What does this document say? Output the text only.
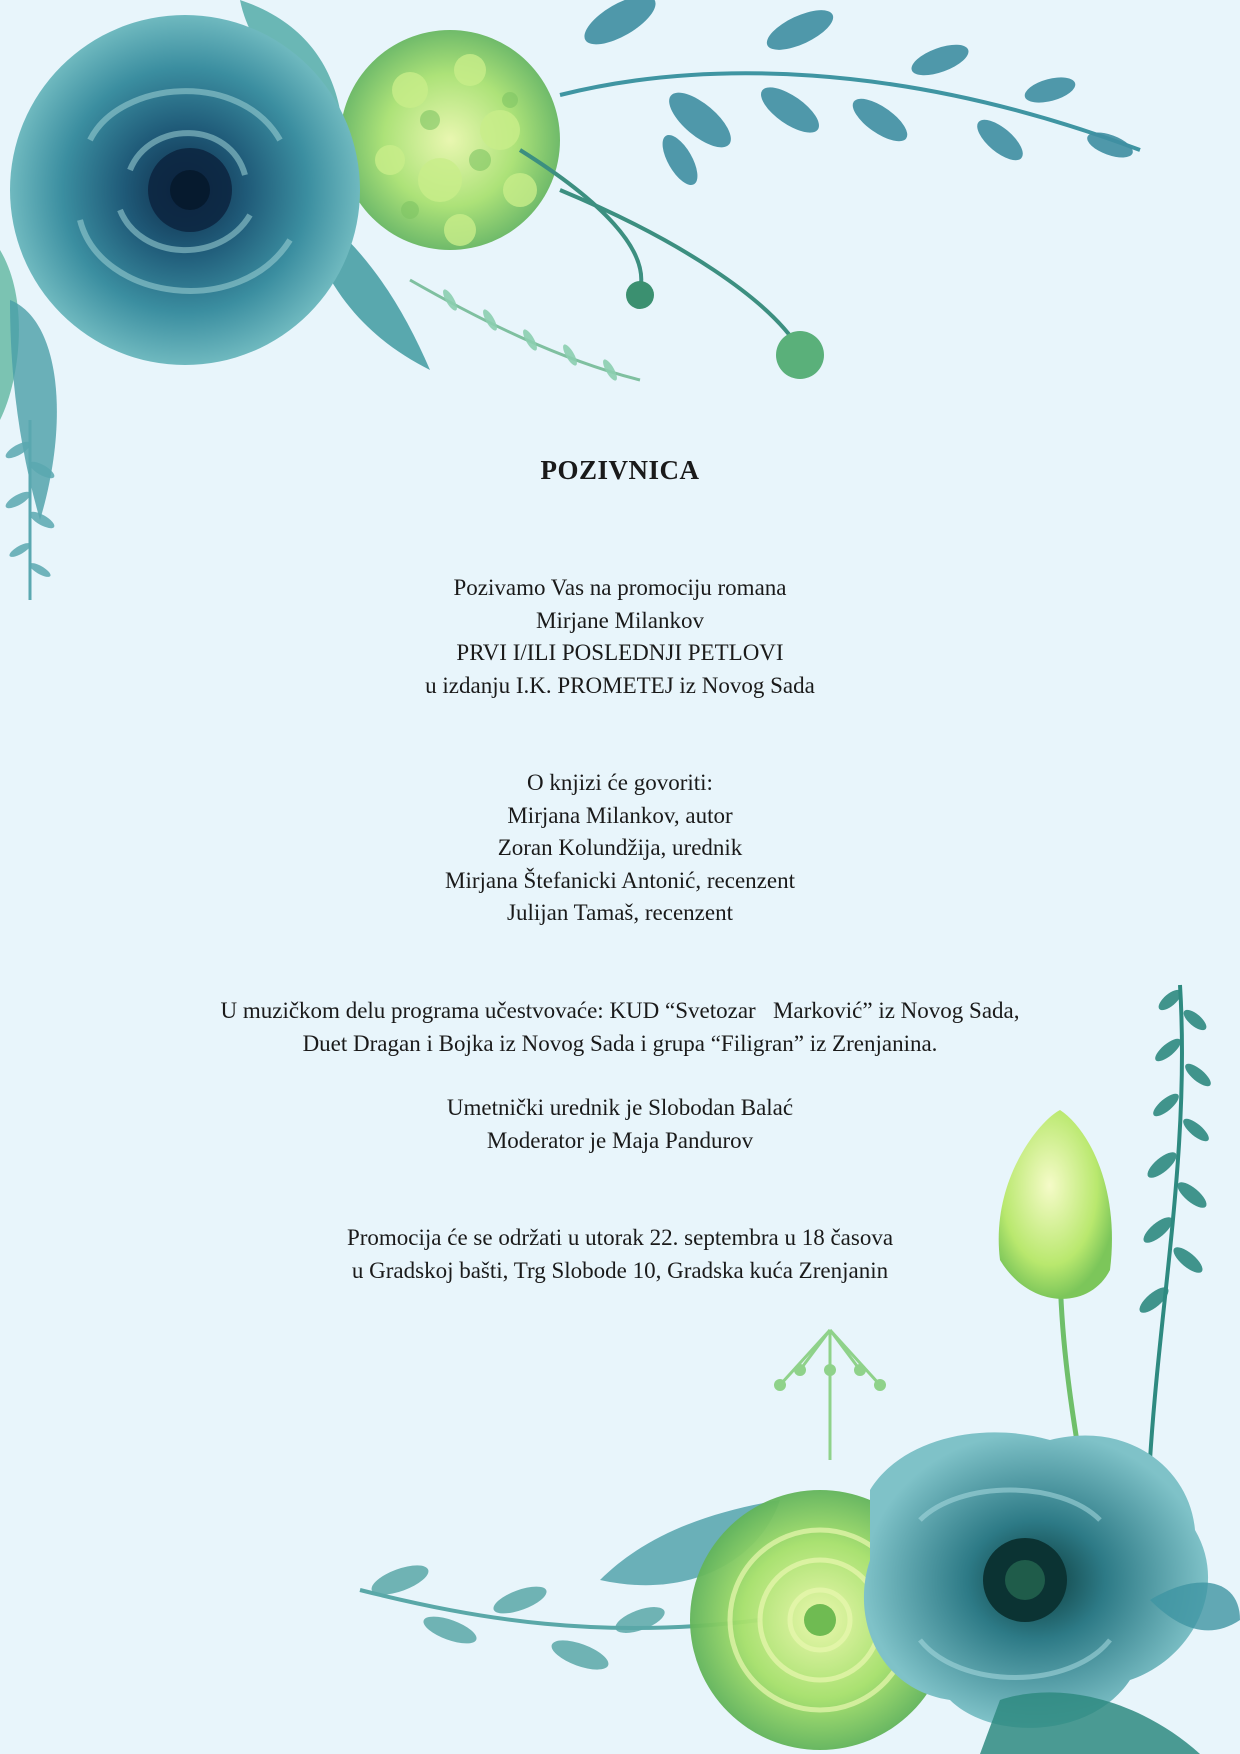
POZIVNICA
Pozivamo Vas na promociju romana
Mirjane Milankov
PRVI I/ILI POSLEDNJI PETLOVI
u izdanju I.K. PROMETEJ iz Novog Sada
O knjizi će govoriti:
Mirjana Milankov, autor
Zoran Kolundžija, urednik
Mirjana Štefanicki Antonić, recenzent
Julijan Tamaš, recenzent
U muzičkom delu programa učestvovaće: KUD “Svetozar   Marković” iz Novog Sada,
Duet Dragan i Bojka iz Novog Sada i grupa “Filigran” iz Zrenjanina.
Umetnički urednik je Slobodan Balać
Moderator je Maja Pandurov
Promocija će se održati u utorak 22. septembra u 18 časova
u Gradskoj bašti, Trg Slobode 10, Gradska kuća Zrenjanin
